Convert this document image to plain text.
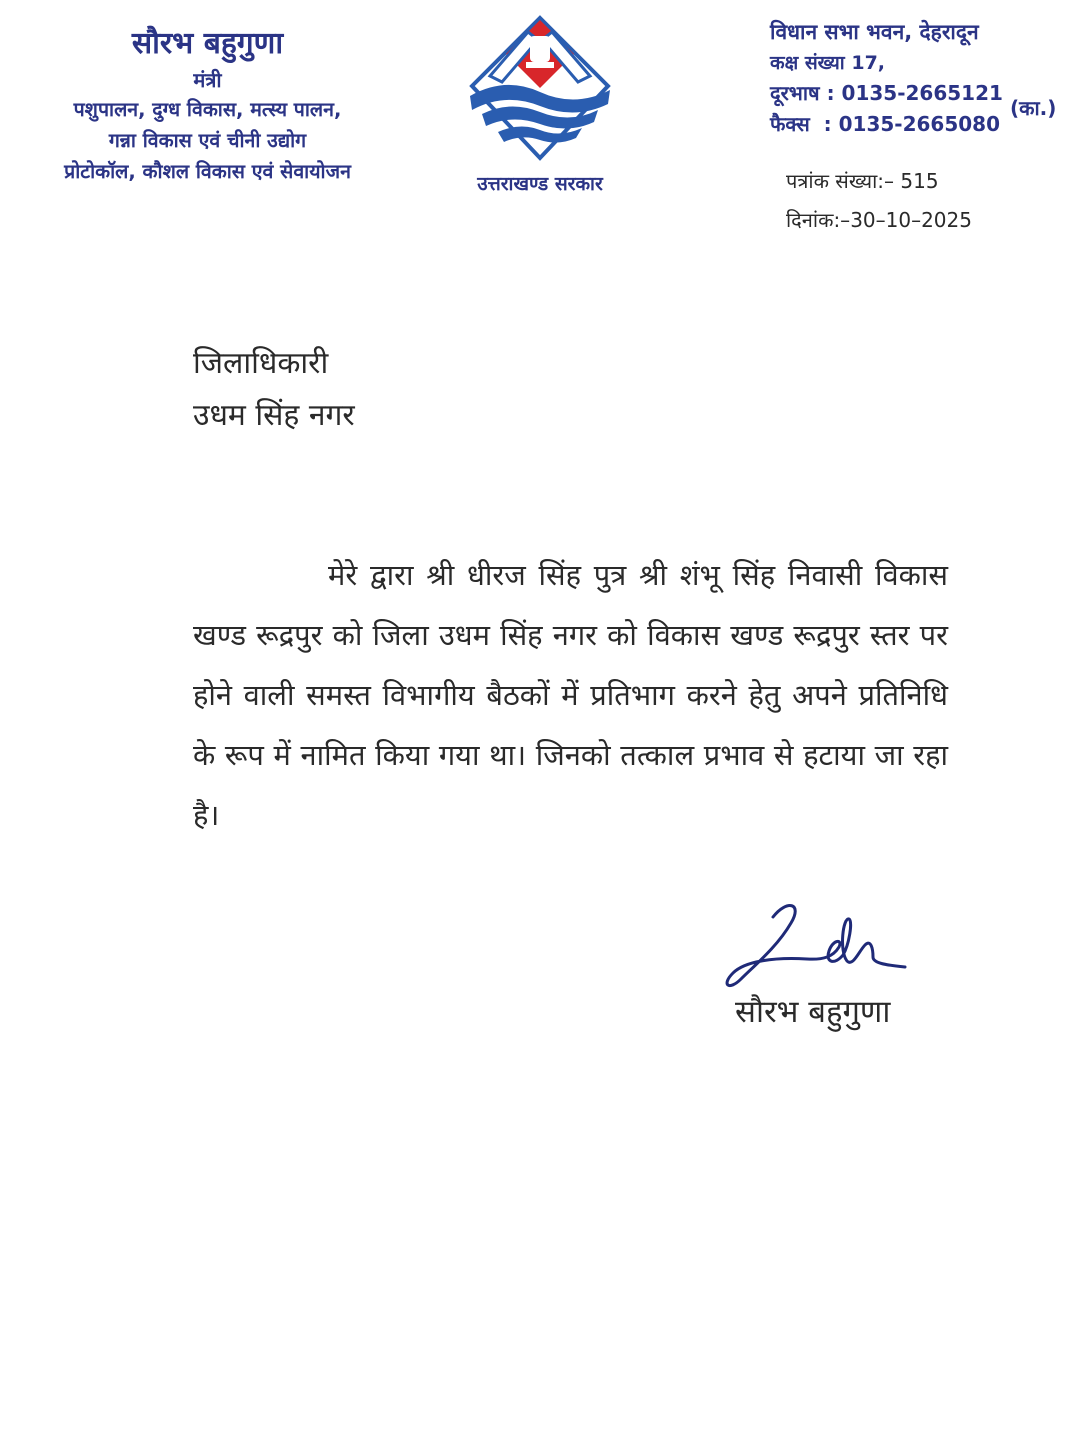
सौरभ बहुगुणा
मंत्री
पशुपालन, दुग्ध विकास, मत्स्य पालन,
गन्ना विकास एवं चीनी उद्योग
प्रोटोकॉल, कौशल विकास एवं सेवायोजन
उत्तराखण्ड सरकार
विधान सभा भवन, देहरादून
कक्ष संख्या 17,
दूरभाष : 0135-2665121
फैक्स  : 0135-2665080
(का.)
पत्रांक संख्या:– 515
दिनांक:–30–10–2025
जिलाधिकारी
उधम सिंह नगर
मेरे द्वारा श्री धीरज सिंह पुत्र श्री शंभू सिंह निवासी विकास खण्ड रूद्रपुर को जिला उधम सिंह नगर को विकास खण्ड रूद्रपुर स्तर पर होने वाली समस्त विभागीय बैठकों में प्रतिभाग करने हेतु अपने प्रतिनिधि के रूप में नामित किया गया था। जिनको तत्काल प्रभाव से हटाया जा रहा है।
सौरभ बहुगुणा
